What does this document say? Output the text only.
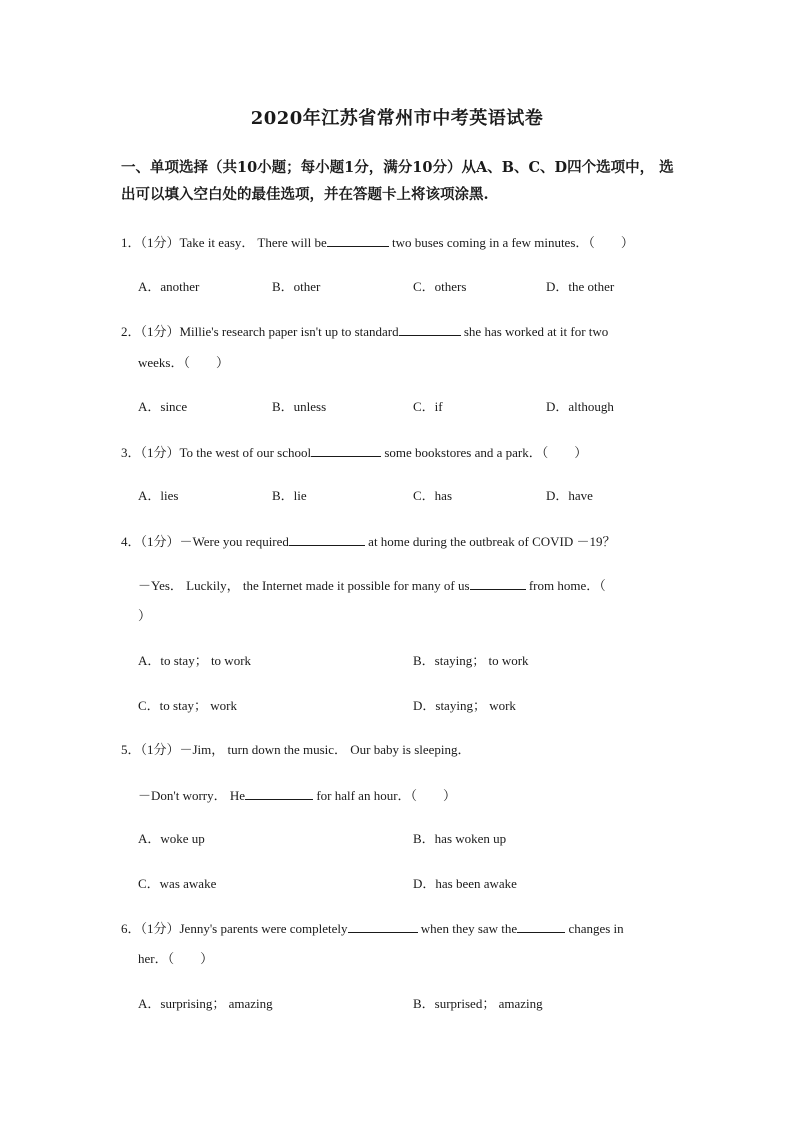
2020年江苏省常州市中考英语试卷
一、单项选择（共10小题；每小题1分，满分10分）从A、B、C、D四个选项中， 选
出可以填入空白处的最佳选项，并在答题卡上将该项涂黑.
1．（1分）Take it easy． There will be	two buses coming in a few minutes．（　　）
A．another	B．other	C．others	D．the other
2．（1分）Millie's research paper isn't up to standard	she has worked at it for two
weeks．（　　）
A．since	B．unless	C．if	D．although
3．（1分）To the west of our school	some bookstores and a park．（　　）
A．lies	B．lie	C．has	D．have
4．（1分）－Were you required	at home during the outbreak of COVID －19？
－Yes． Luckily， the Internet made it possible for many of us	from home．（
）
A．to stay； to work	B．staying； to work
C．to stay； work	D．staying； work
5．（1分）－Jim， turn down the music． Our baby is sleeping．
－Don't worry． He	for half an hour．（　　）
A．woke up	B．has woken up
C．was awake	D．has been awake
6．（1分）Jenny's parents were completely	when they saw the	changes in
her．（　　）
A．surprising； amazing	B．surprised； amazing
